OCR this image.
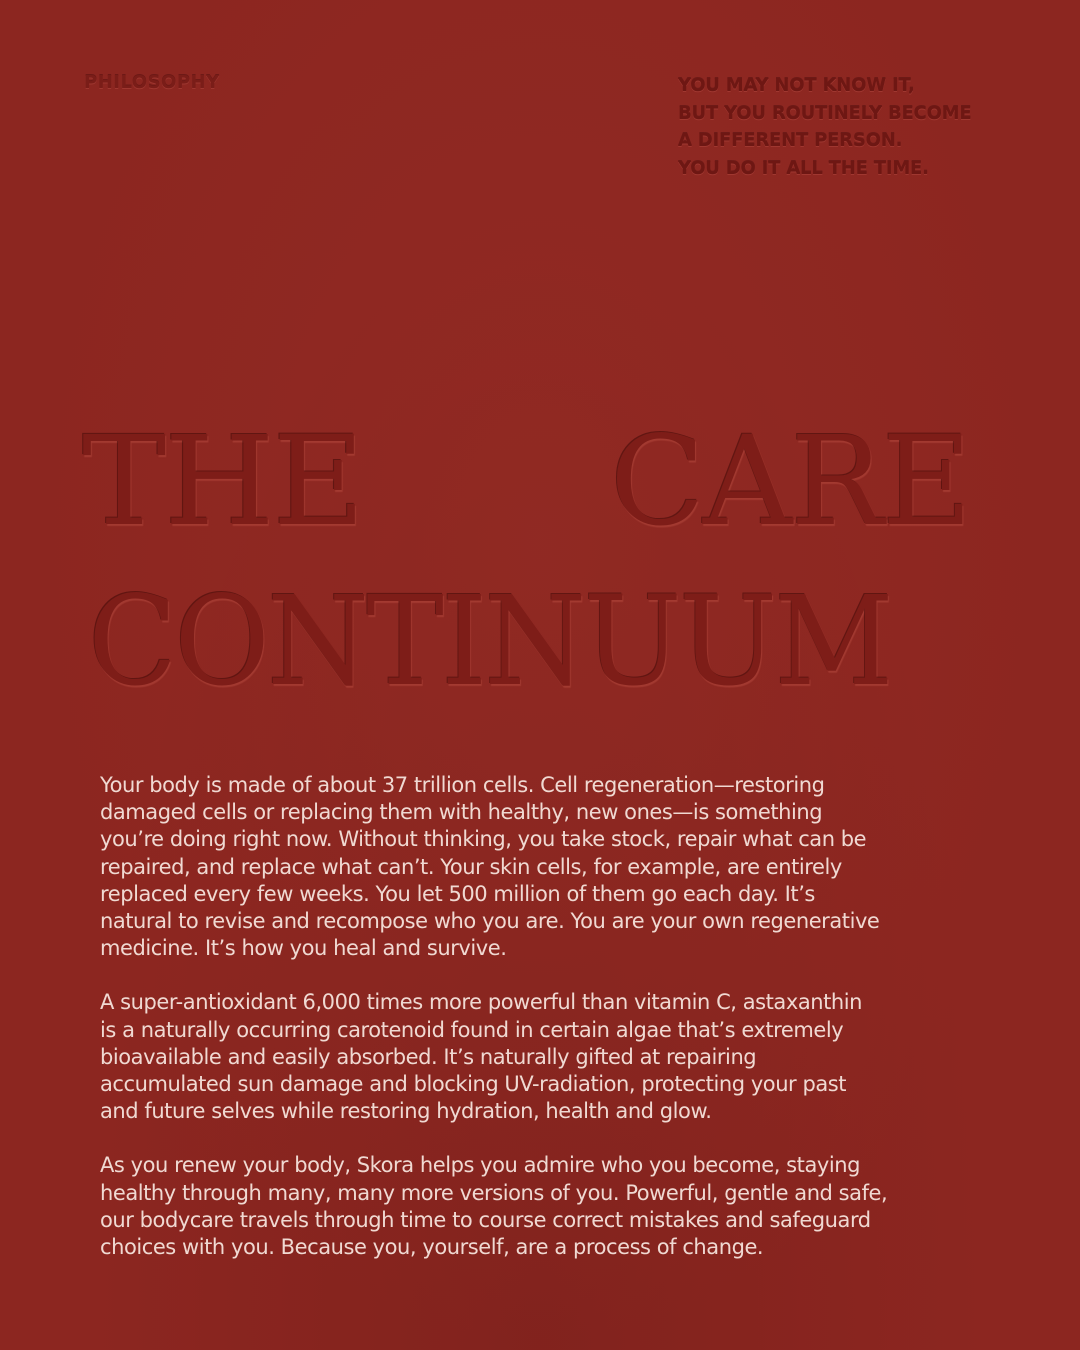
PHILOSOPHY	YOU MAY NOT KNOW IT,
BUT YOU ROUTINELY BECOME
A DIFFERENT PERSON.
YOU DO IT ALL THE TIME.
THE CARE
CONTINUUM

Your body is made of about 37 trillion cells. Cell regeneration—restoring
damaged cells or replacing them with healthy, new ones—is something
you’re doing right now. Without thinking, you take stock, repair what can be
repaired, and replace what can’t. Your skin cells, for example, are entirely
replaced every few weeks. You let 500 million of them go each day. It’s
natural to revise and recompose who you are. You are your own regenerative
medicine. It’s how you heal and survive.

A super-antioxidant 6,000 times more powerful than vitamin C, astaxanthin
is a naturally occurring carotenoid found in certain algae that’s extremely
bioavailable and easily absorbed. It’s naturally gifted at repairing
accumulated sun damage and blocking UV-radiation, protecting your past
and future selves while restoring hydration, health and glow.

As you renew your body, Skora helps you admire who you become, staying
healthy through many, many more versions of you. Powerful, gentle and safe,
our bodycare travels through time to course correct mistakes and safeguard
choices with you. Because you, yourself, are a process of change.
